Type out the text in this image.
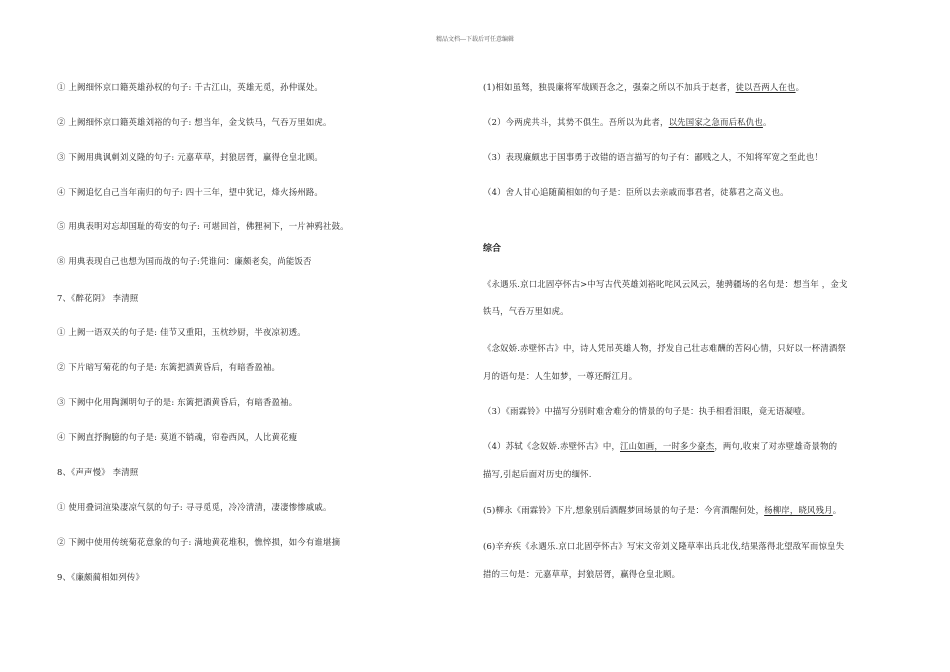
精品文档---下载后可任意编辑
① 上阙细怀京口籍英雄孙权的句子: 千古江山，英雄无觅，孙仲谋处。
② 上阙细怀京口籍英雄刘裕的句子: 想当年，金戈铁马，气吞万里如虎。
③ 下阙用典讽刺刘义隆的句子: 元嘉草草，封狼居胥，赢得仓皇北顾。
④ 下阙追忆自己当年南归的句子: 四十三年，望中犹记，烽火扬州路。
⑤ 用典表明对忘却国耻的苟安的句子: 可堪回首，佛狸祠下，一片神鸦社鼓。
⑧ 用典表现自己也想为国而战的句子:凭谁问：廉颇老矣，尚能饭否
7、《醉花阴》 李清照
① 上阙一语双关的句子是: 佳节又重阳，玉枕纱厨，半夜凉初透。
② 下片暗写菊花的句子是: 东篱把酒黄昏后，有暗香盈袖。
③ 下阙中化用陶渊明句子的是: 东篱把酒黄昏后，有暗香盈袖。
④ 下阙直抒胸臆的句子是: 莫道不销魂，帘卷西风，人比黄花瘦
8、《声声慢》 李清照
① 使用叠词渲染凄凉气氛的句子: 寻寻觅觅，冷冷清清，凄凄惨惨戚戚。
② 下阙中使用传统菊花意象的句子: 满地黄花堆积，憔悴损，如今有谁堪摘
9、《廉颇蔺相如列传》
(1)相如虽驽，独畏廉将军哉顾吾念之，强秦之所以不加兵于赵者，徒以吾两人在也。
（2）今两虎共斗，其势不俱生。吾所以为此者，以先国家之急而后私仇也。
（3）表现廉颇忠于国事勇于改错的语言描写的句子有：鄙贱之人，不知将军宽之至此也！
（4）舍人甘心追随蔺相如的句子是：臣所以去亲戚而事君者，徒慕君之高义也。
综合
《永遇乐.京口北固亭怀古>中写古代英雄刘裕叱咤风云风云，驰骋疆场的名句是：想当年 ，金戈
铁马，气吞万里如虎。
《念奴娇.赤壁怀古》中，诗人凭吊英雄人物，抒发自己壮志难酬的苦闷心情，只好以一杯清酒祭
月的语句是：人生如梦，一尊还酹江月。
（3）《雨霖铃》中描写分别时难舍难分的情景的句子是：执手相看泪眼，竟无语凝噎。
（4）苏轼《念奴娇.赤壁怀古》中，江山如画，一时多少豪杰，两句,收束了对赤壁雄奇景物的
描写,引起后面对历史的缅怀.
(5)柳永《雨霖铃》下片,想象别后酒醒梦回场景的句子是：今宵酒醒何处，杨柳岸，晓风残月。
(6)辛弃疾《永遇乐.京口北固亭怀古》写宋文帝刘义隆草率出兵北伐,结果落得北望敌军而惊皇失
措的三句是：元嘉草草，封狼居胥，赢得仓皇北顾。
